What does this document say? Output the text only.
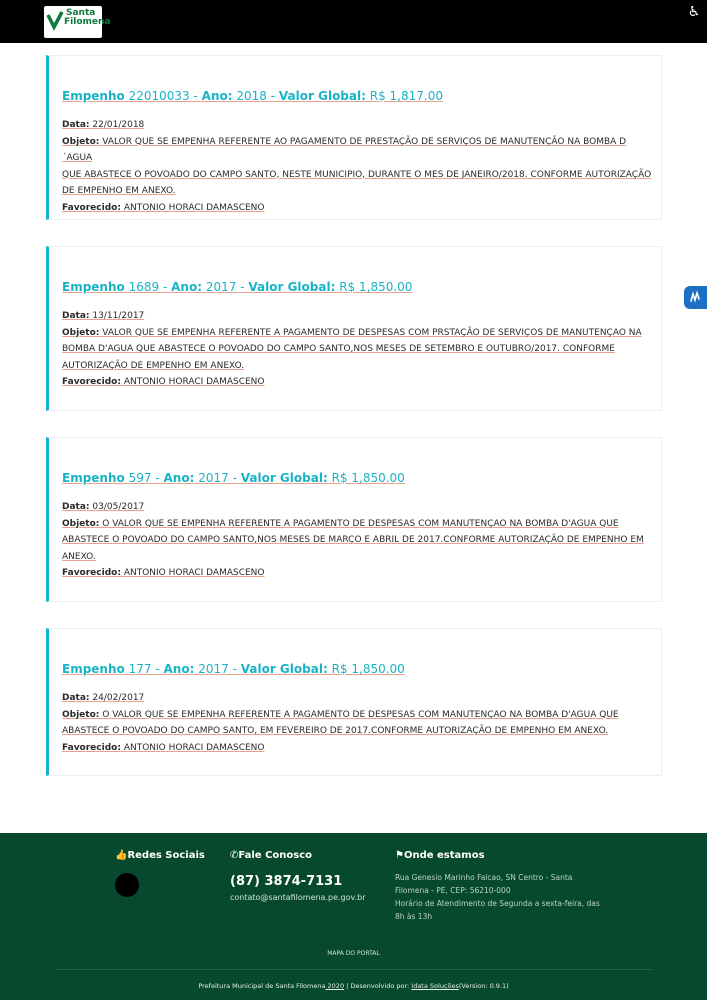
Santa
Filomena
♿
Empenho 22010033 - Ano: 2018 - Valor Global: R$ 1,817.00
Data: 22/01/2018
Objeto: VALOR QUE SE EMPENHA REFERENTE AO PAGAMENTO DE PRESTAÇÃO DE SERVIÇOS DE MANUTENÇÃO NA BOMBA D´AGUA
QUE ABASTECE O POVOADO DO CAMPO SANTO, NESTE MUNICIPIO, DURANTE O MES DE JANEIRO/2018. CONFORME AUTORIZAÇÃO
DE EMPENHO EM ANEXO.
Favorecido: ANTONIO HORACI DAMASCENO
Empenho 1689 - Ano: 2017 - Valor Global: R$ 1,850.00
Data: 13/11/2017
Objeto: VALOR QUE SE EMPENHA REFERENTE A PAGAMENTO DE DESPESAS COM PRSTAÇÃO DE SERVIÇOS DE MANUTENÇAO NA
BOMBA D'AGUA QUE ABASTECE O POVOADO DO CAMPO SANTO,NOS MESES DE SETEMBRO E OUTUBRO/2017. CONFORME
AUTORIZAÇÃO DE EMPENHO EM ANEXO.
Favorecido: ANTONIO HORACI DAMASCENO
Empenho 597 - Ano: 2017 - Valor Global: R$ 1,850.00
Data: 03/05/2017
Objeto: O VALOR QUE SE EMPENHA REFERENTE A PAGAMENTO DE DESPESAS COM MANUTENÇAO NA BOMBA D'AGUA QUE
ABASTECE O POVOADO DO CAMPO SANTO,NOS MESES DE MARÇO E ABRIL DE 2017.CONFORME AUTORIZAÇÃO DE EMPENHO EM
ANEXO.
Favorecido: ANTONIO HORACI DAMASCENO
Empenho 177 - Ano: 2017 - Valor Global: R$ 1,850.00
Data: 24/02/2017
Objeto: O VALOR QUE SE EMPENHA REFERENTE A PAGAMENTO DE DESPESAS COM MANUTENÇAO NA BOMBA D'AGUA QUE
ABASTECE O POVOADO DO CAMPO SANTO, EM FEVEREIRO DE 2017.CONFORME AUTORIZAÇÃO DE EMPENHO EM ANEXO.
Favorecido: ANTONIO HORACI DAMASCENO
👍Redes Sociais	✆Fale Conosco
(87) 3874-7131
contato@santafilomena.pe.gov.br
⚑Onde estamos
Rua Genesio Marinho Falcao, SN Centro - Santa
Filomena - PE, CEP: 56210-000
Horário de Atendimento de Segunda a sexta-feira, das
8h às 13h
MAPA DO PORTAL
Prefeitura Municipal de Santa Filomena 2020 | Desenvolvido por: Idata Soluções(Version: 0.9.1)
